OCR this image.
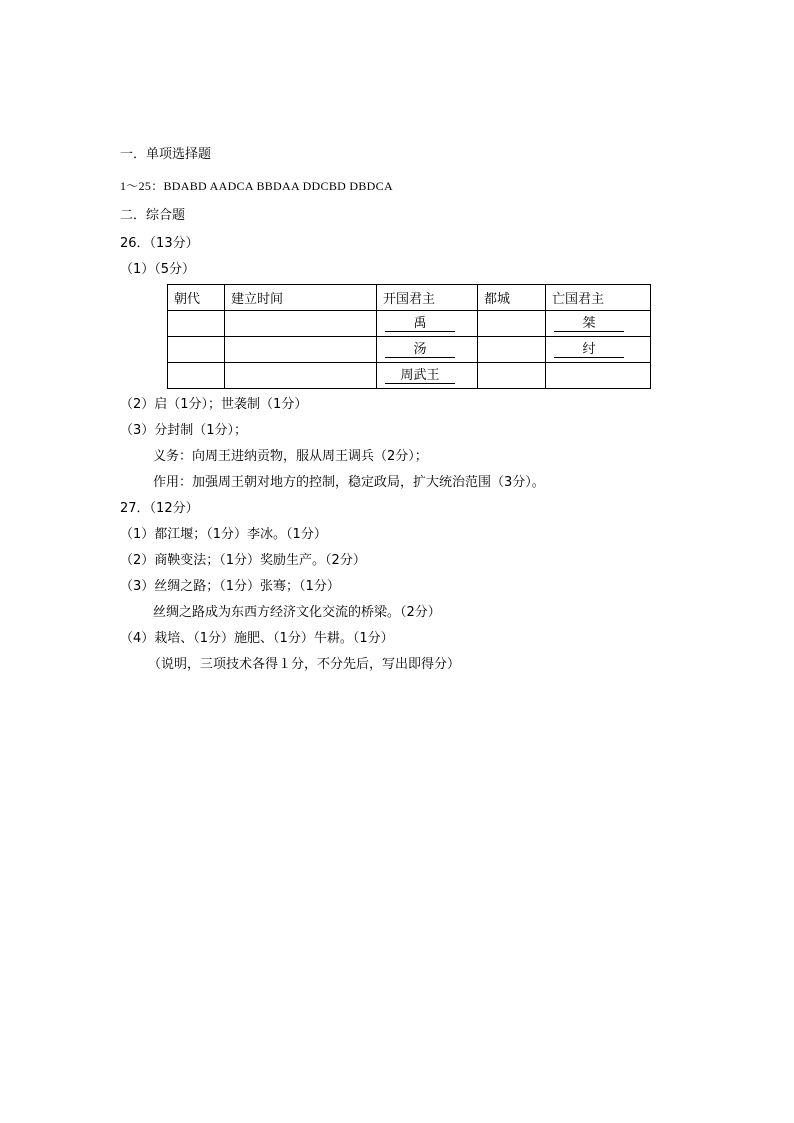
一．单项选择题
1～25：BDABD AADCA BBDAA DDCBD DBDCA
二．综合题
26．（13分）
（1）（5分）
朝代	建立时间	开国君主	都城	亡国君主
		禹		桀
		汤		纣
		周武王		
（2）启（1分）；世袭制（1分）
（3）分封制（1分）；
义务：向周王进纳贡物，服从周王调兵（2分）；
作用：加强周王朝对地方的控制，稳定政局，扩大统治范围（3分）。
27．（12分）
（1）都江堰；（1分）李冰。（1分）
（2）商鞅变法；（1分）奖励生产。（2分）
（3）丝绸之路；（1分）张骞；（1分）
丝绸之路成为东西方经济文化交流的桥梁。（2分）
（4）栽培、（1分）施肥、（1分）牛耕。（1分）
（说明，三项技术各得１分，不分先后，写出即得分）
